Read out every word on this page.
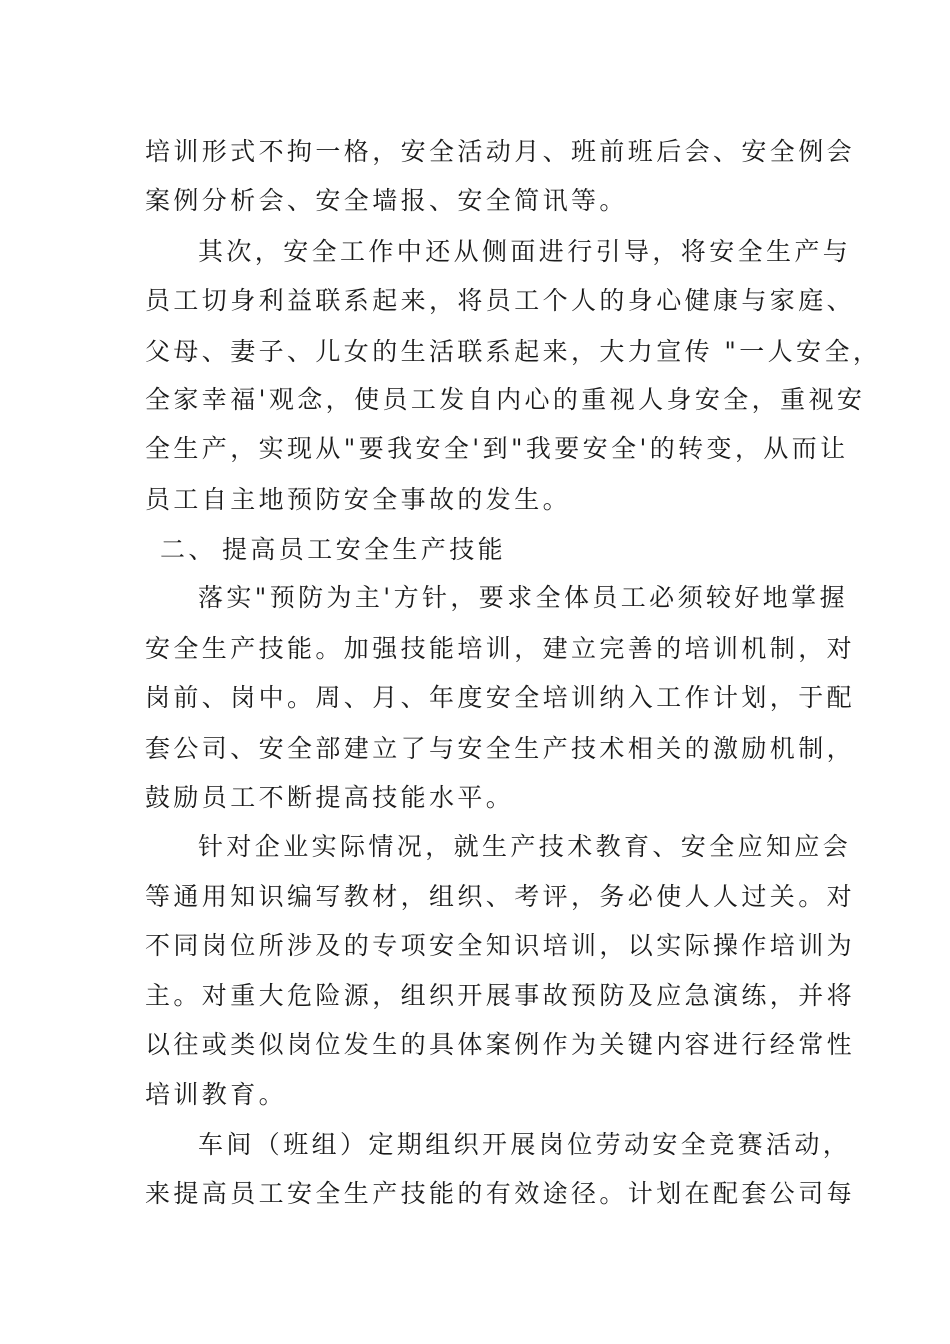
培训形式不拘一格，安全活动月、班前班后会、安全例会
案例分析会、安全墙报、安全简讯等。
其次，安全工作中还从侧面进行引导，将安全生产与
员工切身利益联系起来，将员工个人的身心健康与家庭、
父母、妻子、儿女的生活联系起来，大力宣传 "一人安全，
全家幸福'观念，使员工发自内心的重视人身安全，重视安
全生产，实现从"要我安全'到"我要安全'的转变，从而让
员工自主地预防安全事故的发生。
二、 提高员工安全生产技能
落实"预防为主'方针，要求全体员工必须较好地掌握
安全生产技能。加强技能培训，建立完善的培训机制，对
岗前、岗中。周、月、年度安全培训纳入工作计划，于配
套公司、安全部建立了与安全生产技术相关的激励机制，
鼓励员工不断提高技能水平。
针对企业实际情况，就生产技术教育、安全应知应会
等通用知识编写教材，组织、考评，务必使人人过关。对
不同岗位所涉及的专项安全知识培训，以实际操作培训为
主。对重大危险源，组织开展事故预防及应急演练，并将
以往或类似岗位发生的具体案例作为关键内容进行经常性
培训教育。
车间（班组）定期组织开展岗位劳动安全竞赛活动，
来提高员工安全生产技能的有效途径。计划在配套公司每
